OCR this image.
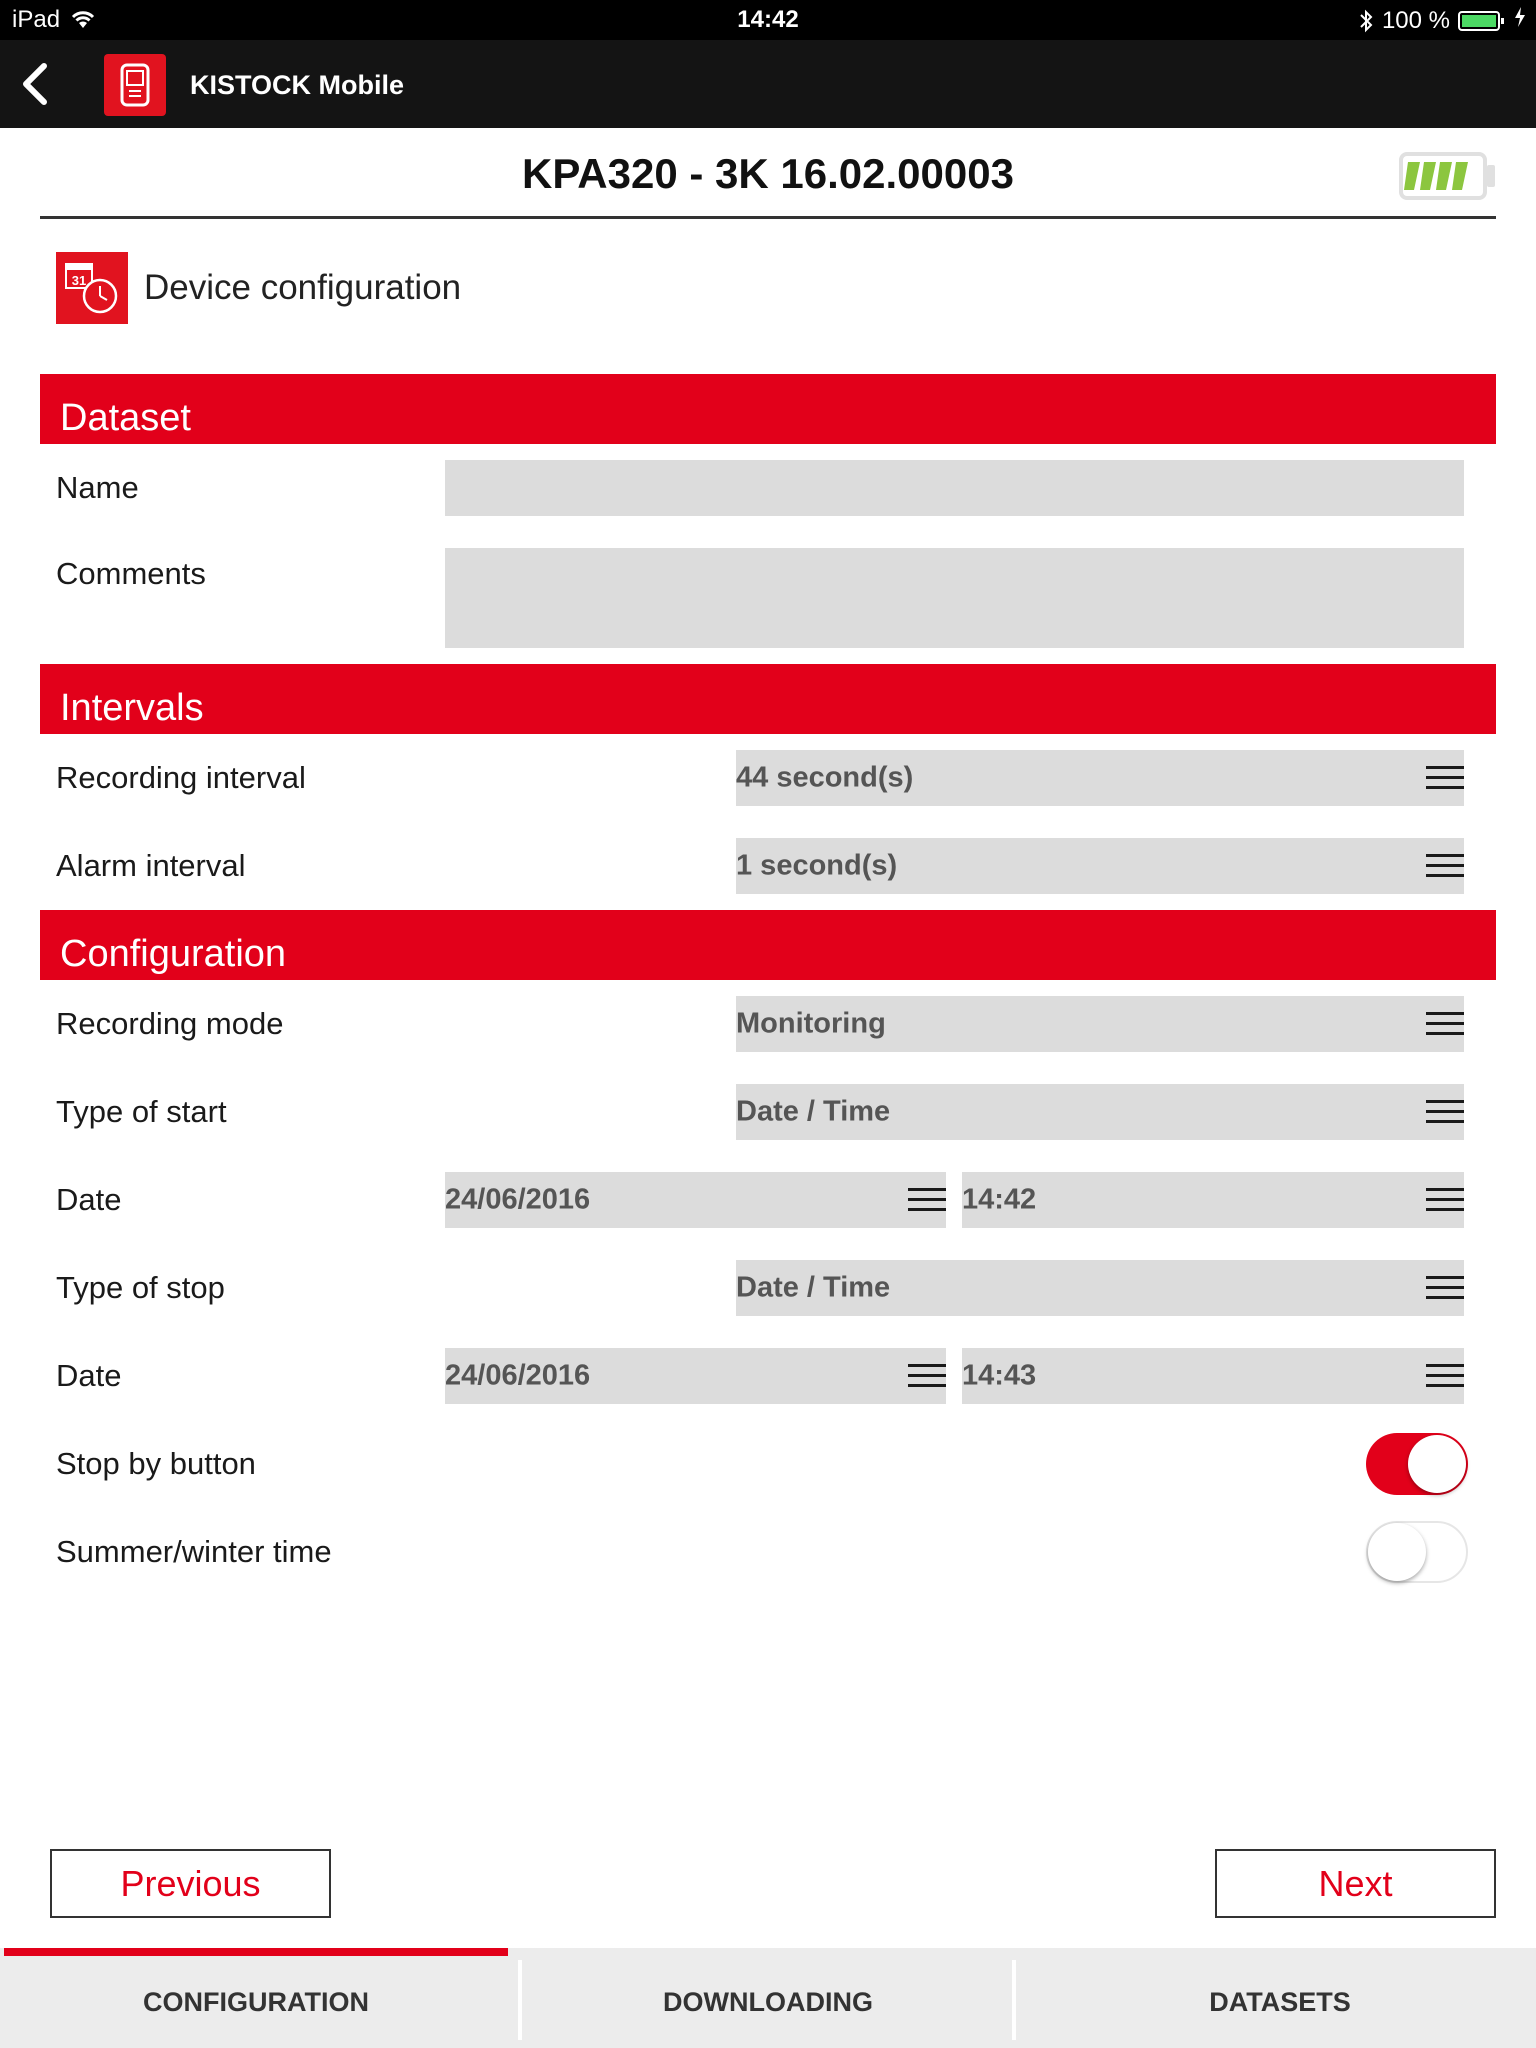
iPad	14:42	100 %
KISTOCK Mobile
KPA320 - 3K 16.02.00003
31 Device configuration
Dataset
Name
Comments
Intervals
Recording interval	44 second(s)
Alarm interval	1 second(s)
Configuration
Recording mode	Monitoring
Type of start	Date / Time
Date	24/06/2016	14:42
Type of stop	Date / Time
Date	24/06/2016	14:43
Stop by button
Summer/winter time
Previous	Next
CONFIGURATION	DOWNLOADING	DATASETS
